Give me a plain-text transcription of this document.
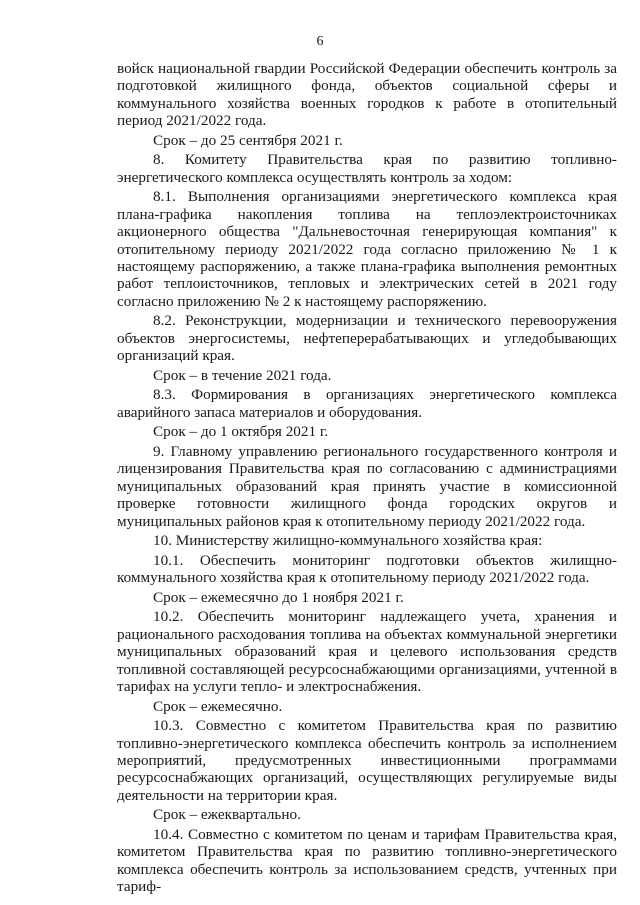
6

войск национальной гвардии Российской Федерации обеспечить контроль за подготовкой жилищного фонда, объектов социальной сферы и коммунального хозяйства военных городков к работе в отопительный период 2021/2022 года.

Срок – до 25 сентября 2021 г.

8. Комитету Правительства края по развитию топливно-энергетического комплекса осуществлять контроль за ходом:

8.1. Выполнения организациями энергетического комплекса края плана-графика накопления топлива на теплоэлектроисточниках акционерного общества "Дальневосточная генерирующая компания" к отопительному периоду 2021/2022 года согласно приложению № 1 к настоящему распоряжению, а также плана-графика выполнения ремонтных работ теплоисточников, тепловых и электрических сетей в 2021 году согласно приложению № 2 к настоящему распоряжению.

8.2. Реконструкции, модернизации и технического перевооружения объектов энергосистемы, нефтеперерабатывающих и угледобывающих организаций края.

Срок – в течение 2021 года.

8.3. Формирования в организациях энергетического комплекса аварийного запаса материалов и оборудования.

Срок – до 1 октября 2021 г.

9. Главному управлению регионального государственного контроля и лицензирования Правительства края по согласованию с администрациями муниципальных образований края принять участие в комиссионной проверке готовности жилищного фонда городских округов и муниципальных районов края к отопительному периоду 2021/2022 года.

10. Министерству жилищно-коммунального хозяйства края:

10.1. Обеспечить мониторинг подготовки объектов жилищно-коммунального хозяйства края к отопительному периоду 2021/2022 года.

Срок – ежемесячно до 1 ноября 2021 г.

10.2. Обеспечить мониторинг надлежащего учета, хранения и рационального расходования топлива на объектах коммунальной энергетики муниципальных образований края и целевого использования средств топливной составляющей ресурсоснабжающими организациями, учтенной в тарифах на услуги тепло- и электроснабжения.

Срок – ежемесячно.

10.3. Совместно с комитетом Правительства края по развитию топливно-энергетического комплекса обеспечить контроль за исполнением мероприятий, предусмотренных инвестиционными программами ресурсоснабжающих организаций, осуществляющих регулируемые виды деятельности на территории края.

Срок – ежеквартально.

10.4. Совместно с комитетом по ценам и тарифам Правительства края, комитетом Правительства края по развитию топливно-энергетического комплекса обеспечить контроль за использованием средств, учтенных при тариф-
